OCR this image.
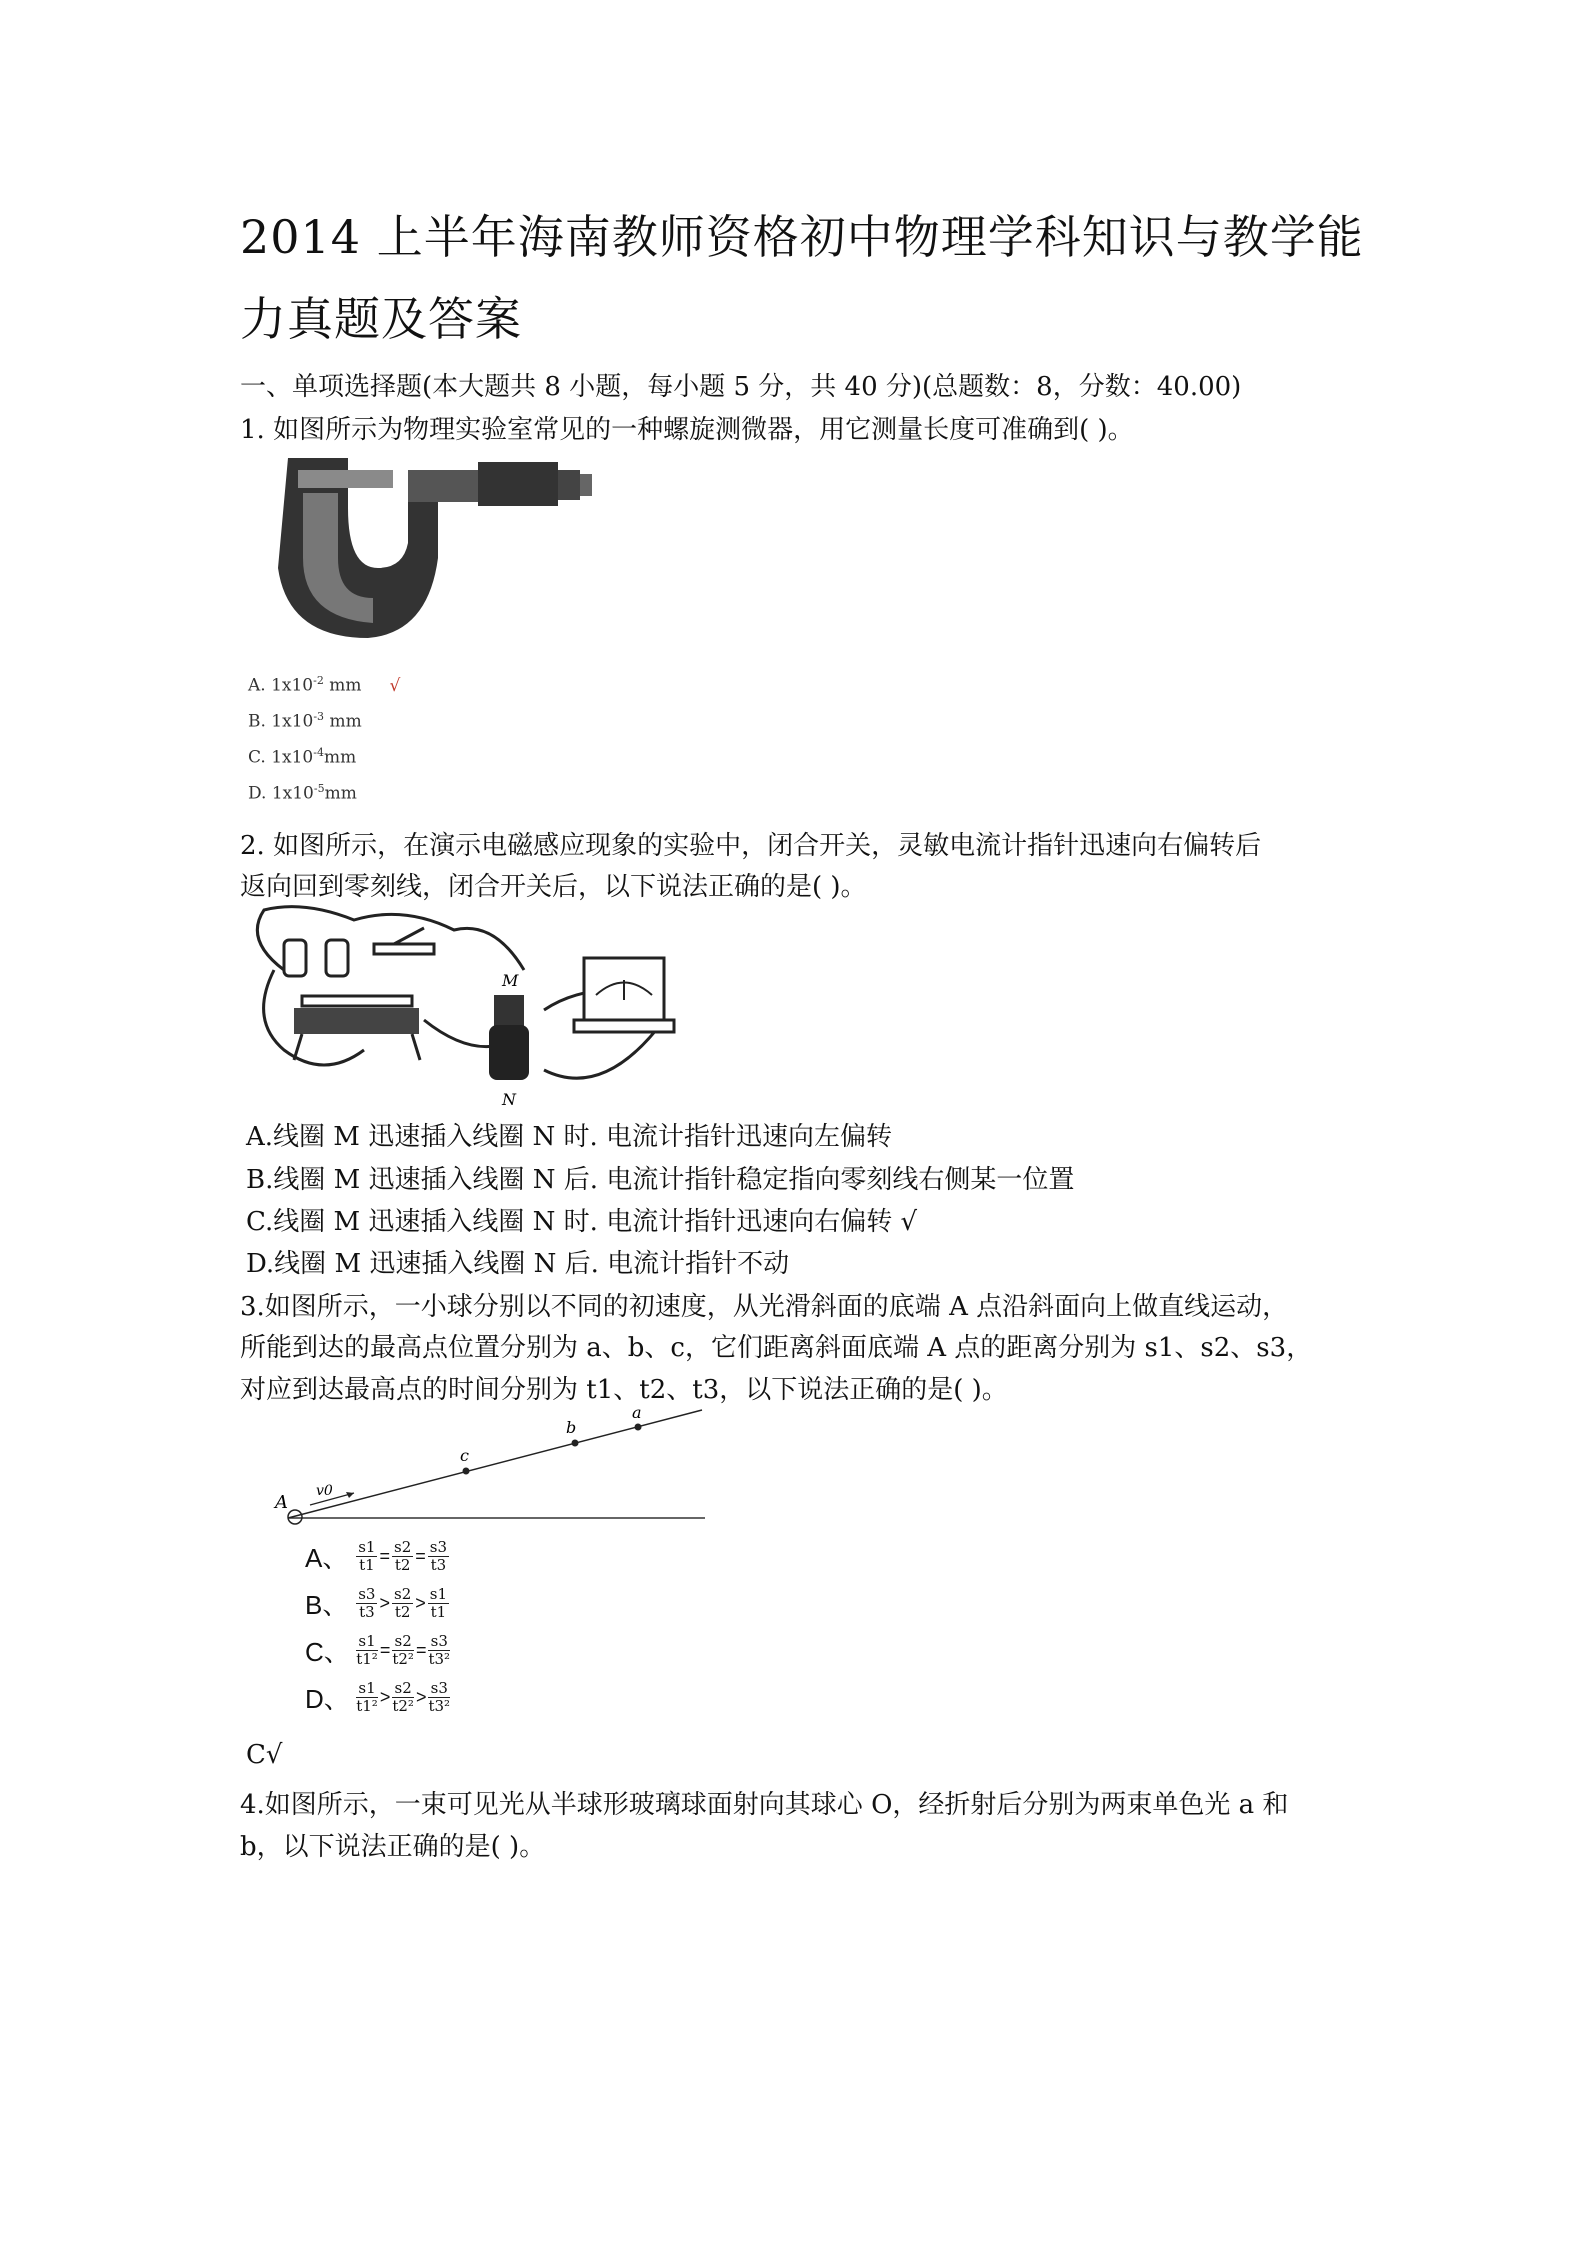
2014 上半年海南教师资格初中物理学科知识与教学能力真题及答案
一、单项选择题(本大题共 8 小题，每小题 5 分，共 40 分)(总题数：8，分数：40.00)
1. 如图所示为物理实验室常见的一种螺旋测微器，用它测量长度可准确到( )。
A. $1x10^{-2}$ mm √
B. $1x10^{-3}$ mm
C. $1x10^{-4}mm$
D. $1x10^{-5}mm$
2. 如图所示，在演示电磁感应现象的实验中，闭合开关，灵敏电流计指针迅速向右偏转后
返向回到零刻线，闭合开关后，以下说法正确的是( )。
M
N
A.线圈 M 迅速插入线圈 N 时. 电流计指针迅速向左偏转
B.线圈 M 迅速插入线圈 N 后. 电流计指针稳定指向零刻线右侧某一位置
C.线圈 M 迅速插入线圈 N 时. 电流计指针迅速向右偏转 √
D.线圈 M 迅速插入线圈 N 后. 电流计指针不动
3.如图所示，一小球分别以不同的初速度，从光滑斜面的底端 A 点沿斜面向上做直线运动，
所能到达的最高点位置分别为 a、b、c，它们距离斜面底端 A 点的距离分别为 s1、s2、s3，
对应到达最高点的时间分别为 t1、t2、t3，以下说法正确的是( )。
c
b
a
A
v0
A、 $\frac{s1}{t1} = \frac{s2}{t2} = \frac{s3}{t3}$
B、 $\frac{s3}{t3} > \frac{s2}{t2} > \frac{s1}{t1}$
C、 $\frac{s1}{\text{t1²}} = \frac{s2}{\text{t2²}} = \frac{s3}{\text{t3²}}$
D、 $\frac{s1}{\text{t1²}} > \frac{s2}{\text{t2²}} > \frac{s3}{\text{t3²}}$
C√
4.如图所示，一束可见光从半球形玻璃球面射向其球心 O，经折射后分别为两束单色光 a 和
b，以下说法正确的是( )。
